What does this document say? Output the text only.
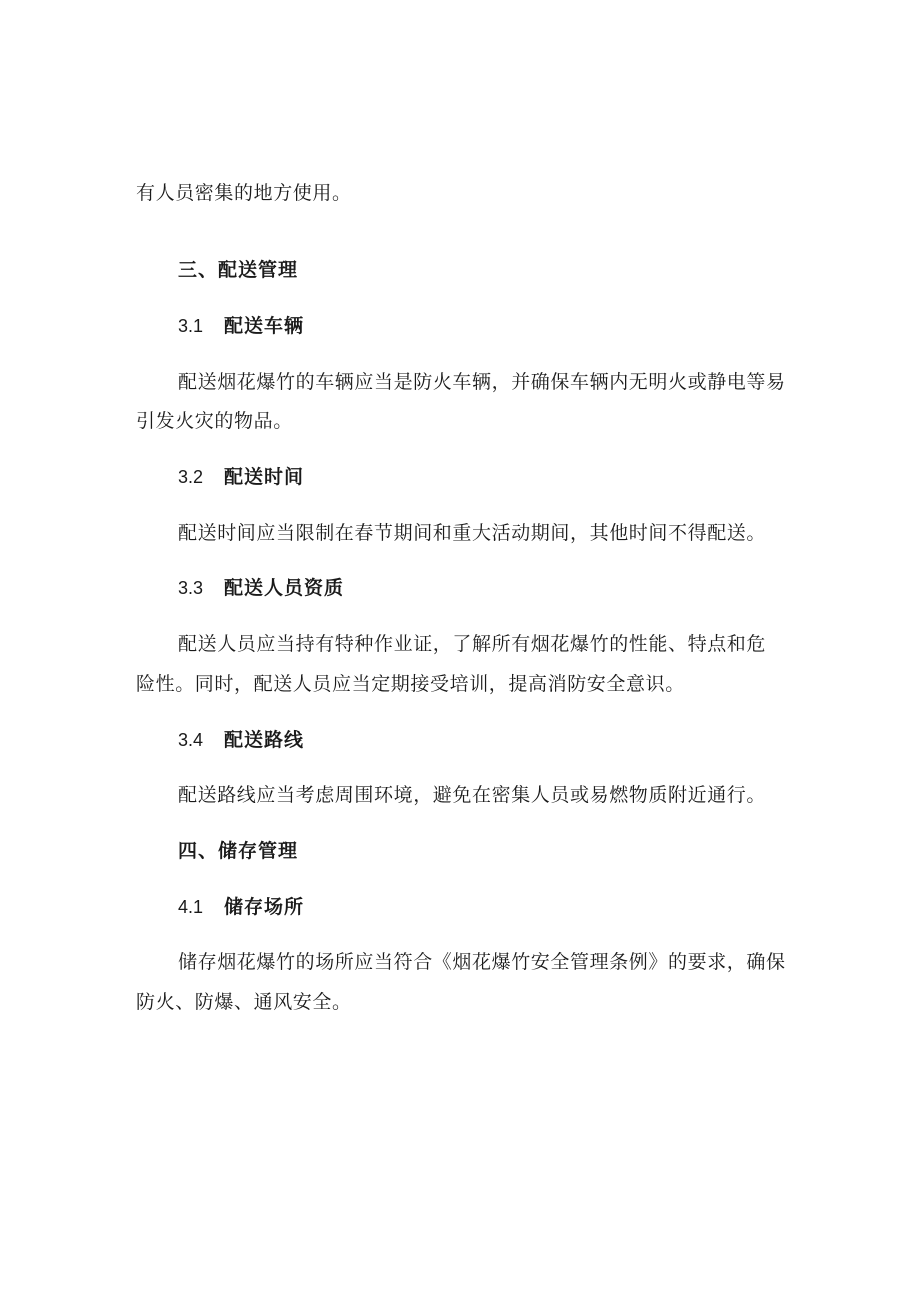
有人员密集的地方使用。

三、配送管理

3.1 配送车辆

配送烟花爆竹的车辆应当是防火车辆，并确保车辆内无明火或静电等易

引发火灾的物品。

3.2 配送时间

配送时间应当限制在春节期间和重大活动期间，其他时间不得配送。

3.3 配送人员资质

配送人员应当持有特种作业证，了解所有烟花爆竹的性能、特点和危

险性。同时，配送人员应当定期接受培训，提高消防安全意识。

3.4 配送路线

配送路线应当考虑周围环境，避免在密集人员或易燃物质附近通行。

四、储存管理

4.1 储存场所

储存烟花爆竹的场所应当符合《烟花爆竹安全管理条例》的要求，确保

防火、防爆、通风安全。
